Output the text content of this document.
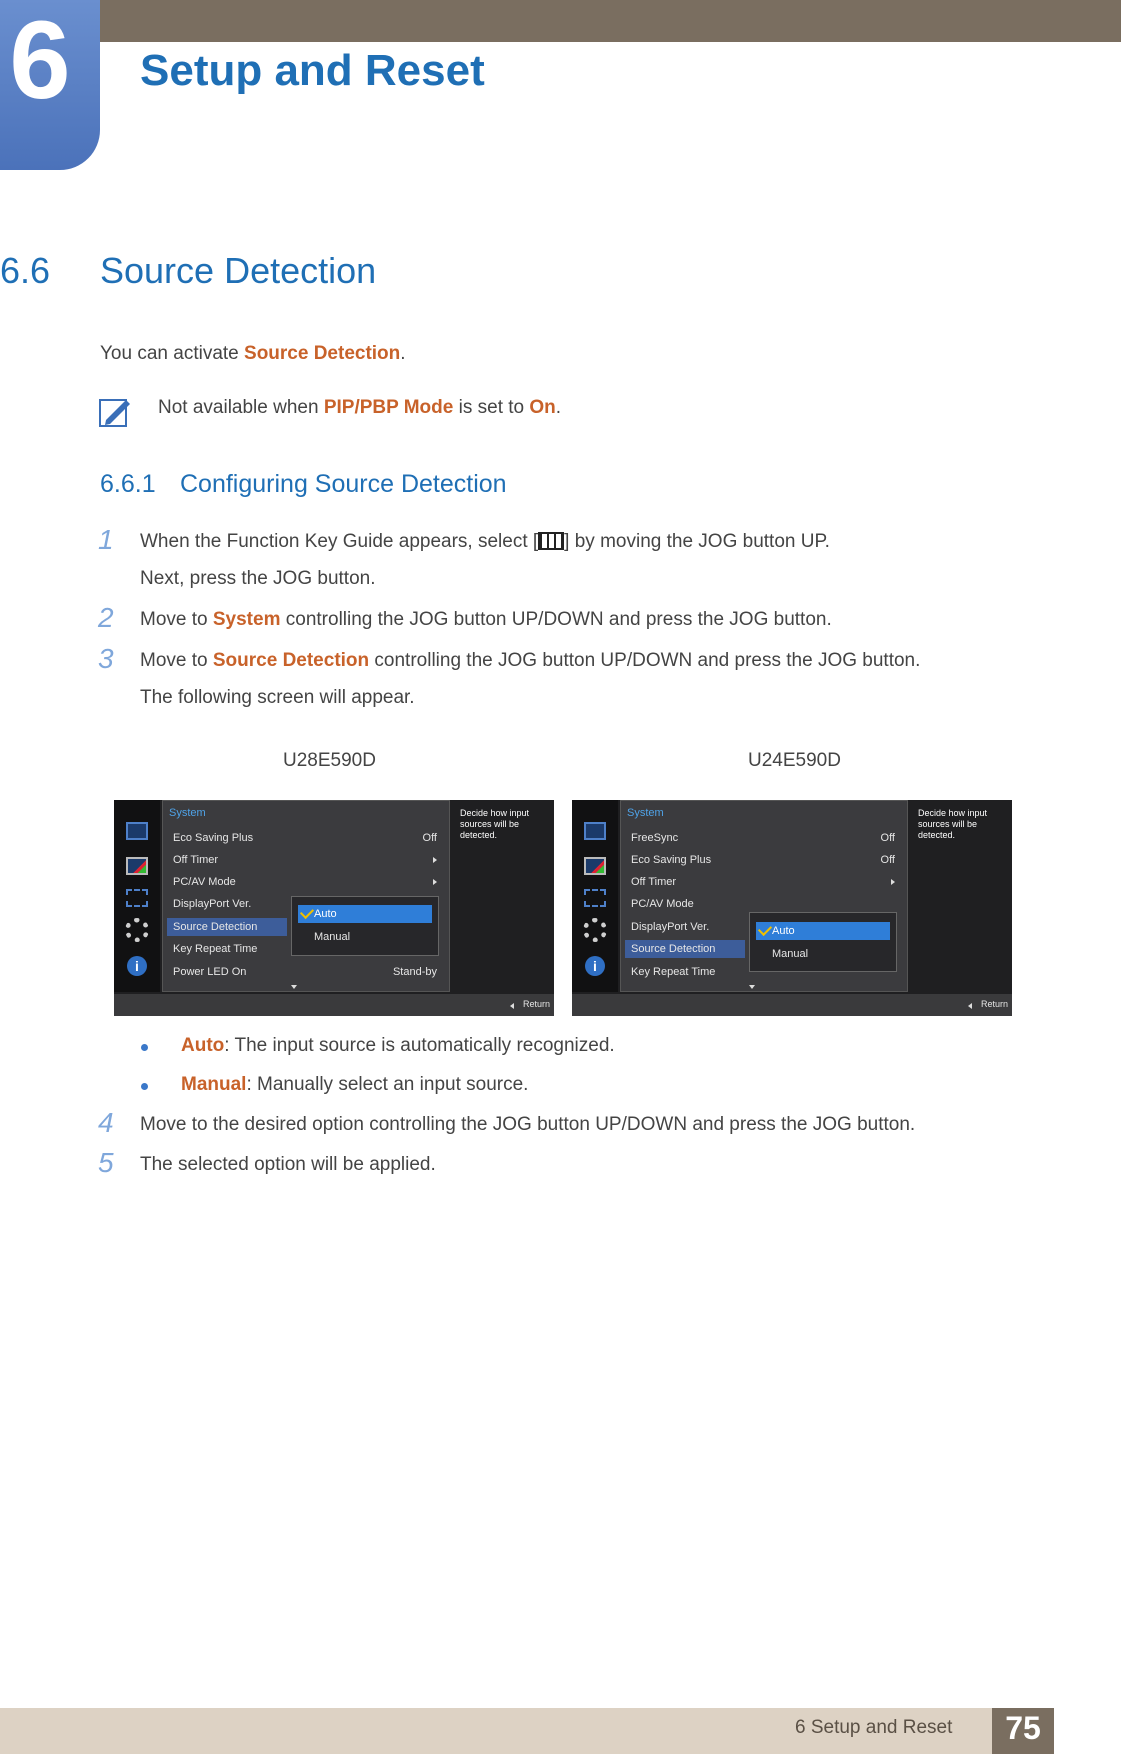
6 Setup and Reset
6.6 Source Detection
You can activate Source Detection.
Not available when PIP/PBP Mode is set to On.
6.6.1 Configuring Source Detection
1	When the Function Key Guide appears, select [ ] by moving the JOG button UP.
Next, press the JOG button.
2	Move to System controlling the JOG button UP/DOWN and press the JOG button.
3	Move to Source Detection controlling the JOG button UP/DOWN and press the JOG button.
The following screen will appear.
U28E590D	U24E590D
i
System
Eco Saving Plus	Off
Off Timer
PC/AV Mode
DisplayPort Ver.
Source Detection
Key Repeat Time
Power LED On	Stand-by
Auto
Manual
Decide how input sources will be detected.
Return
i
System
FreeSync	Off
Eco Saving Plus	Off
Off Timer
PC/AV Mode
DisplayPort Ver.
Source Detection
Key Repeat Time
Auto
Manual
Decide how input sources will be detected.
Return
Auto: The input source is automatically recognized.
Manual: Manually select an input source.
4	Move to the desired option controlling the JOG button UP/DOWN and press the JOG button.
5	The selected option will be applied.
6 Setup and Reset	75
